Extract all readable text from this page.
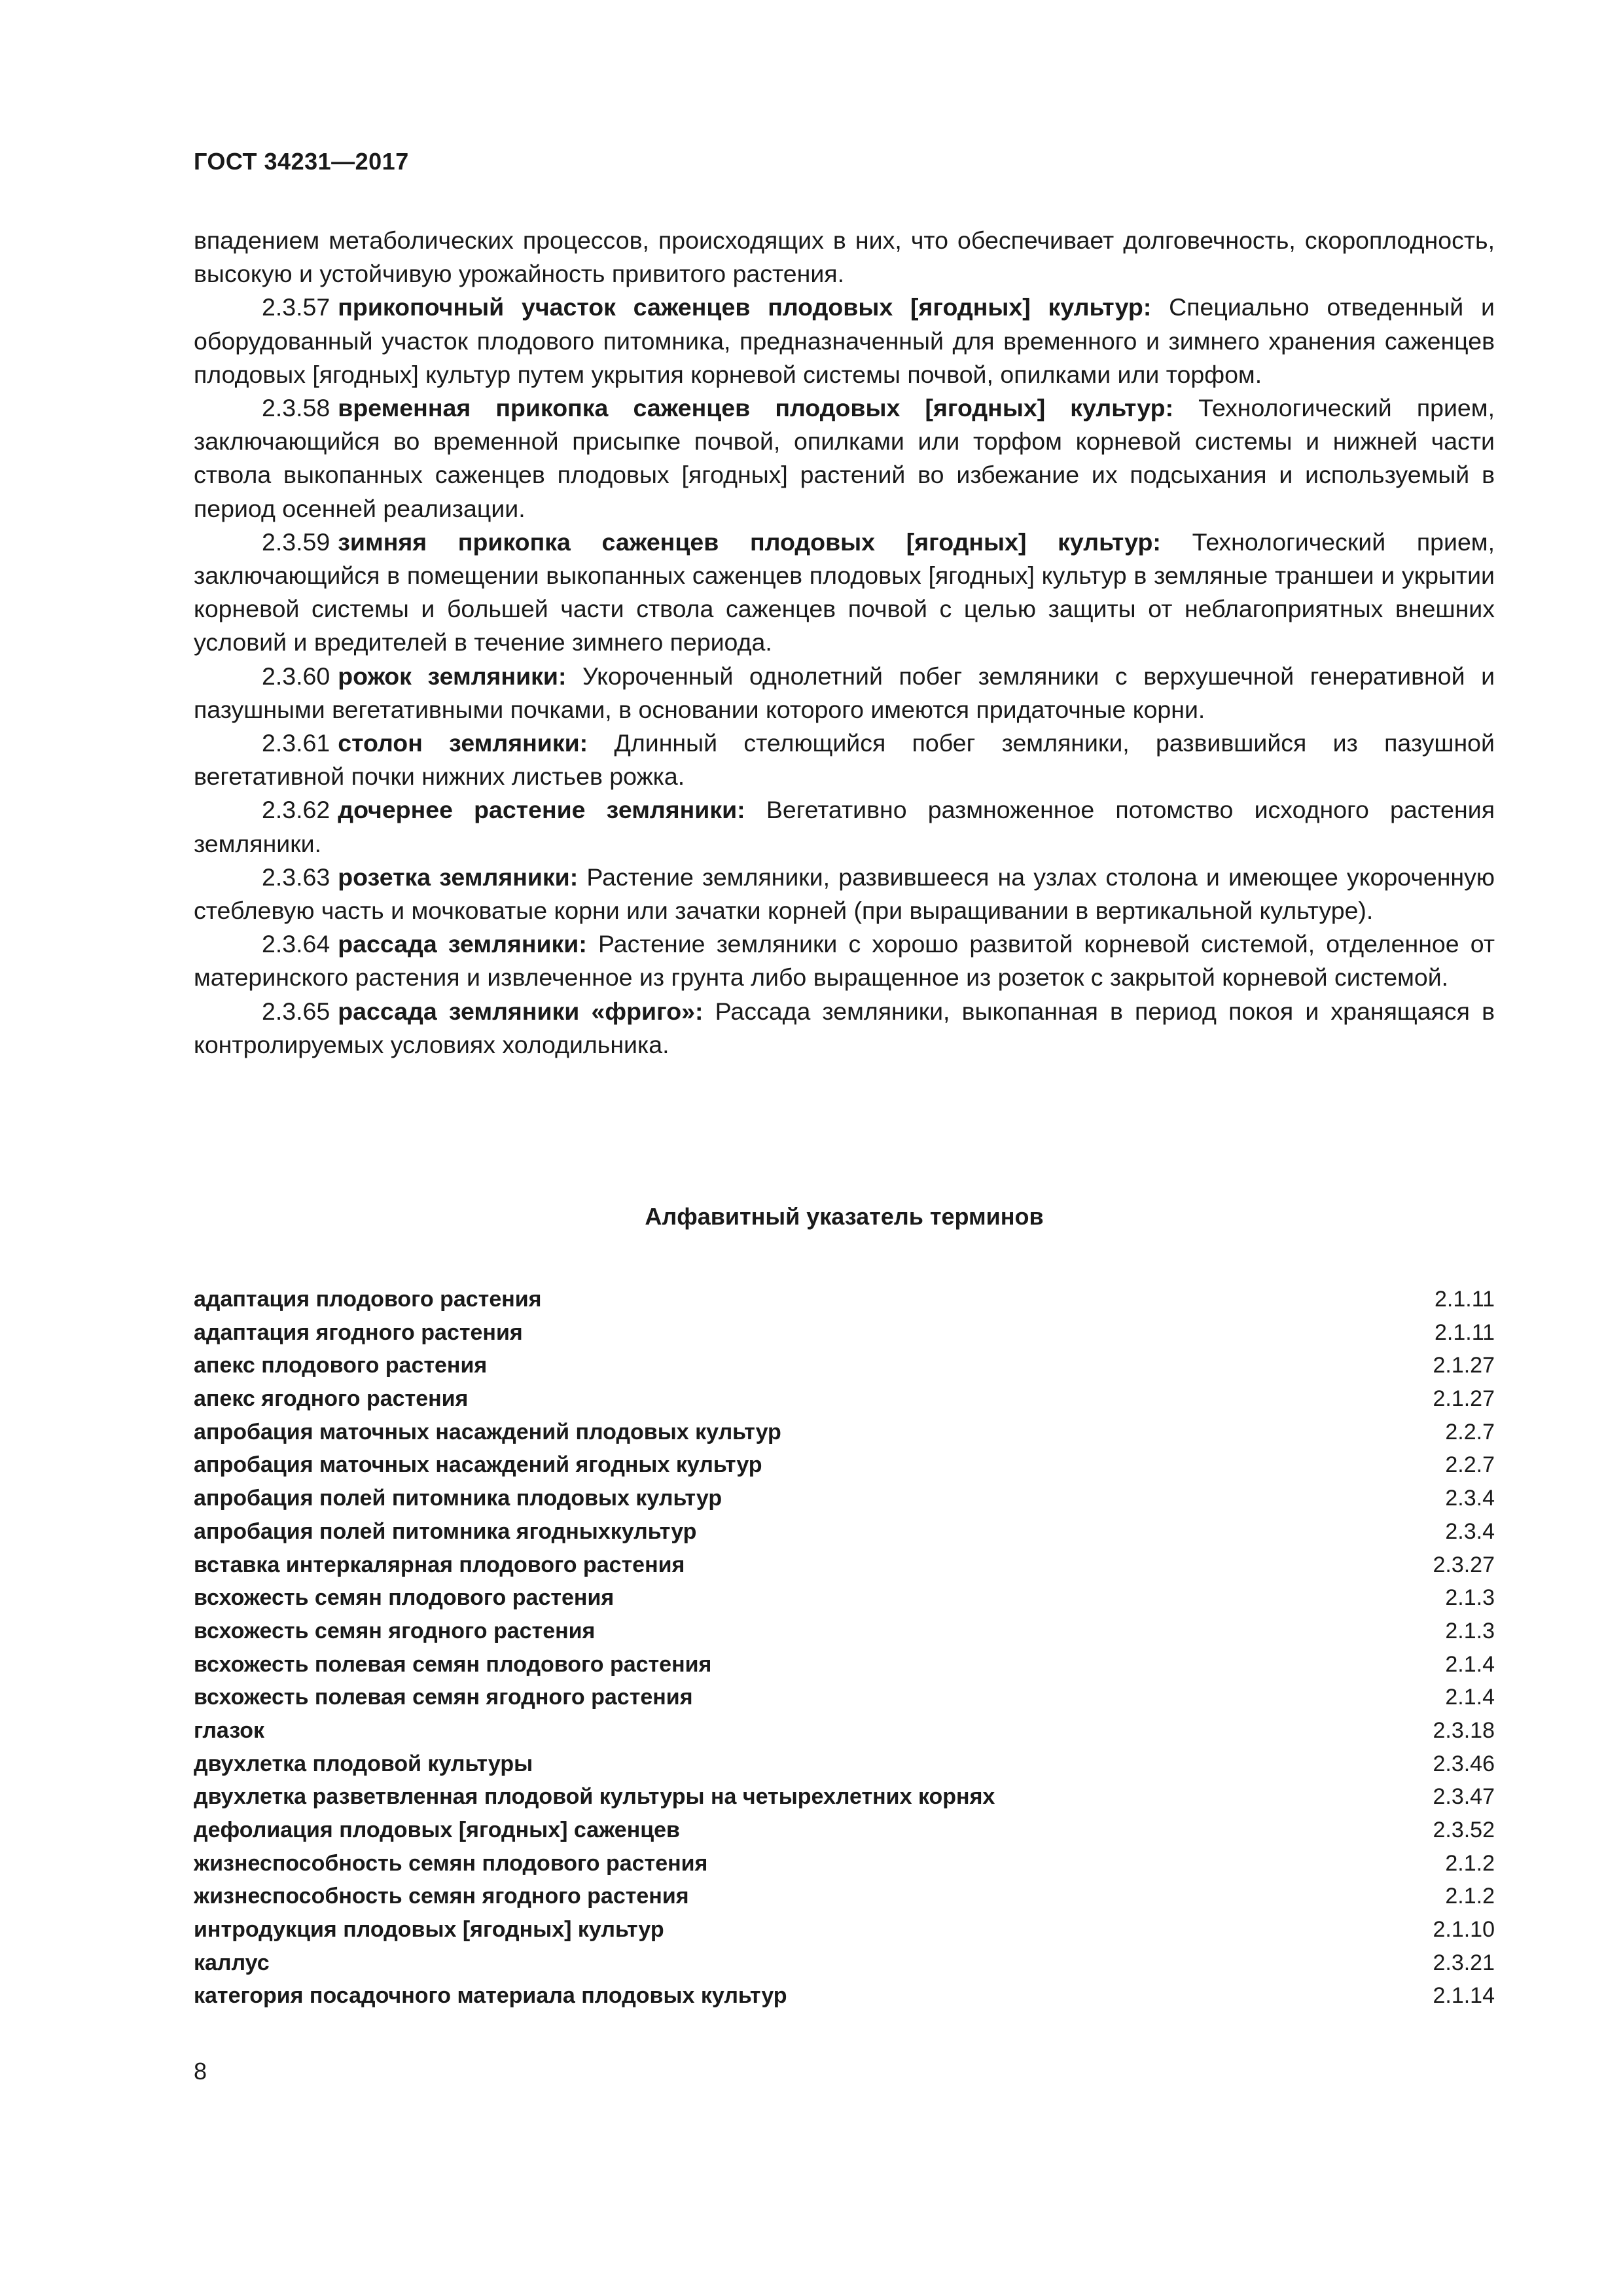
ГОСТ 34231—2017

впадением метаболических процессов, происходящих в них, что обеспечивает долговечность, скороплодность, высокую и устойчивую урожайность привитого растения.

2.3.57 прикопочный участок саженцев плодовых [ягодных] культур: Специально отведенный и оборудованный участок плодового питомника, предназначенный для временного и зимнего хранения саженцев плодовых [ягодных] культур путем укрытия корневой системы почвой, опилками или торфом.

2.3.58 временная прикопка саженцев плодовых [ягодных] культур: Технологический прием, заключающийся во временной присыпке почвой, опилками или торфом корневой системы и нижней части ствола выкопанных саженцев плодовых [ягодных] растений во избежание их подсыхания и используемый в период осенней реализации.

2.3.59 зимняя прикопка саженцев плодовых [ягодных] культур: Технологический прием, заключающийся в помещении выкопанных саженцев плодовых [ягодных] культур в земляные траншеи и укрытии корневой системы и большей части ствола саженцев почвой с целью защиты от неблагоприятных внешних условий и вредителей в течение зимнего периода.

2.3.60 рожок земляники: Укороченный однолетний побег земляники с верхушечной генеративной и пазушными вегетативными почками, в основании которого имеются придаточные корни.

2.3.61 столон земляники: Длинный стелющийся побег земляники, развившийся из пазушной вегетативной почки нижних листьев рожка.

2.3.62 дочернее растение земляники: Вегетативно размноженное потомство исходного растения земляники.

2.3.63 розетка земляники: Растение земляники, развившееся на узлах столона и имеющее укороченную стеблевую часть и мочковатые корни или зачатки корней (при выращивании в вертикальной культуре).

2.3.64 рассада земляники: Растение земляники с хорошо развитой корневой системой, отделенное от материнского растения и извлеченное из грунта либо выращенное из розеток с закрытой корневой системой.

2.3.65 рассада земляники «фриго»: Рассада земляники, выкопанная в период покоя и хранящаяся в контролируемых условиях холодильника.

Алфавитный указатель терминов
адаптация плодового растения	2.1.11
адаптация ягодного растения	2.1.11
апекс плодового растения	2.1.27
апекс ягодного растения	2.1.27
апробация маточных насаждений плодовых культур	2.2.7
апробация маточных насаждений ягодных культур	2.2.7
апробация полей питомника плодовых культур	2.3.4
апробация полей питомника ягодныхкультур	2.3.4
вставка интеркалярная плодового растения	2.3.27
всхожесть семян плодового растения	2.1.3
всхожесть семян ягодного растения	2.1.3
всхожесть полевая семян плодового растения	2.1.4
всхожесть полевая семян ягодного растения	2.1.4
глазок	2.3.18
двухлетка плодовой культуры	2.3.46
двухлетка разветвленная плодовой культуры на четырехлетних корнях	2.3.47
дефолиация плодовых [ягодных] саженцев	2.3.52
жизнеспособность семян плодового растения	2.1.2
жизнеспособность семян ягодного растения	2.1.2
интродукция плодовых [ягодных] культур	2.1.10
каллус	2.3.21
категория посадочного материала плодовых культур	2.1.14
8
